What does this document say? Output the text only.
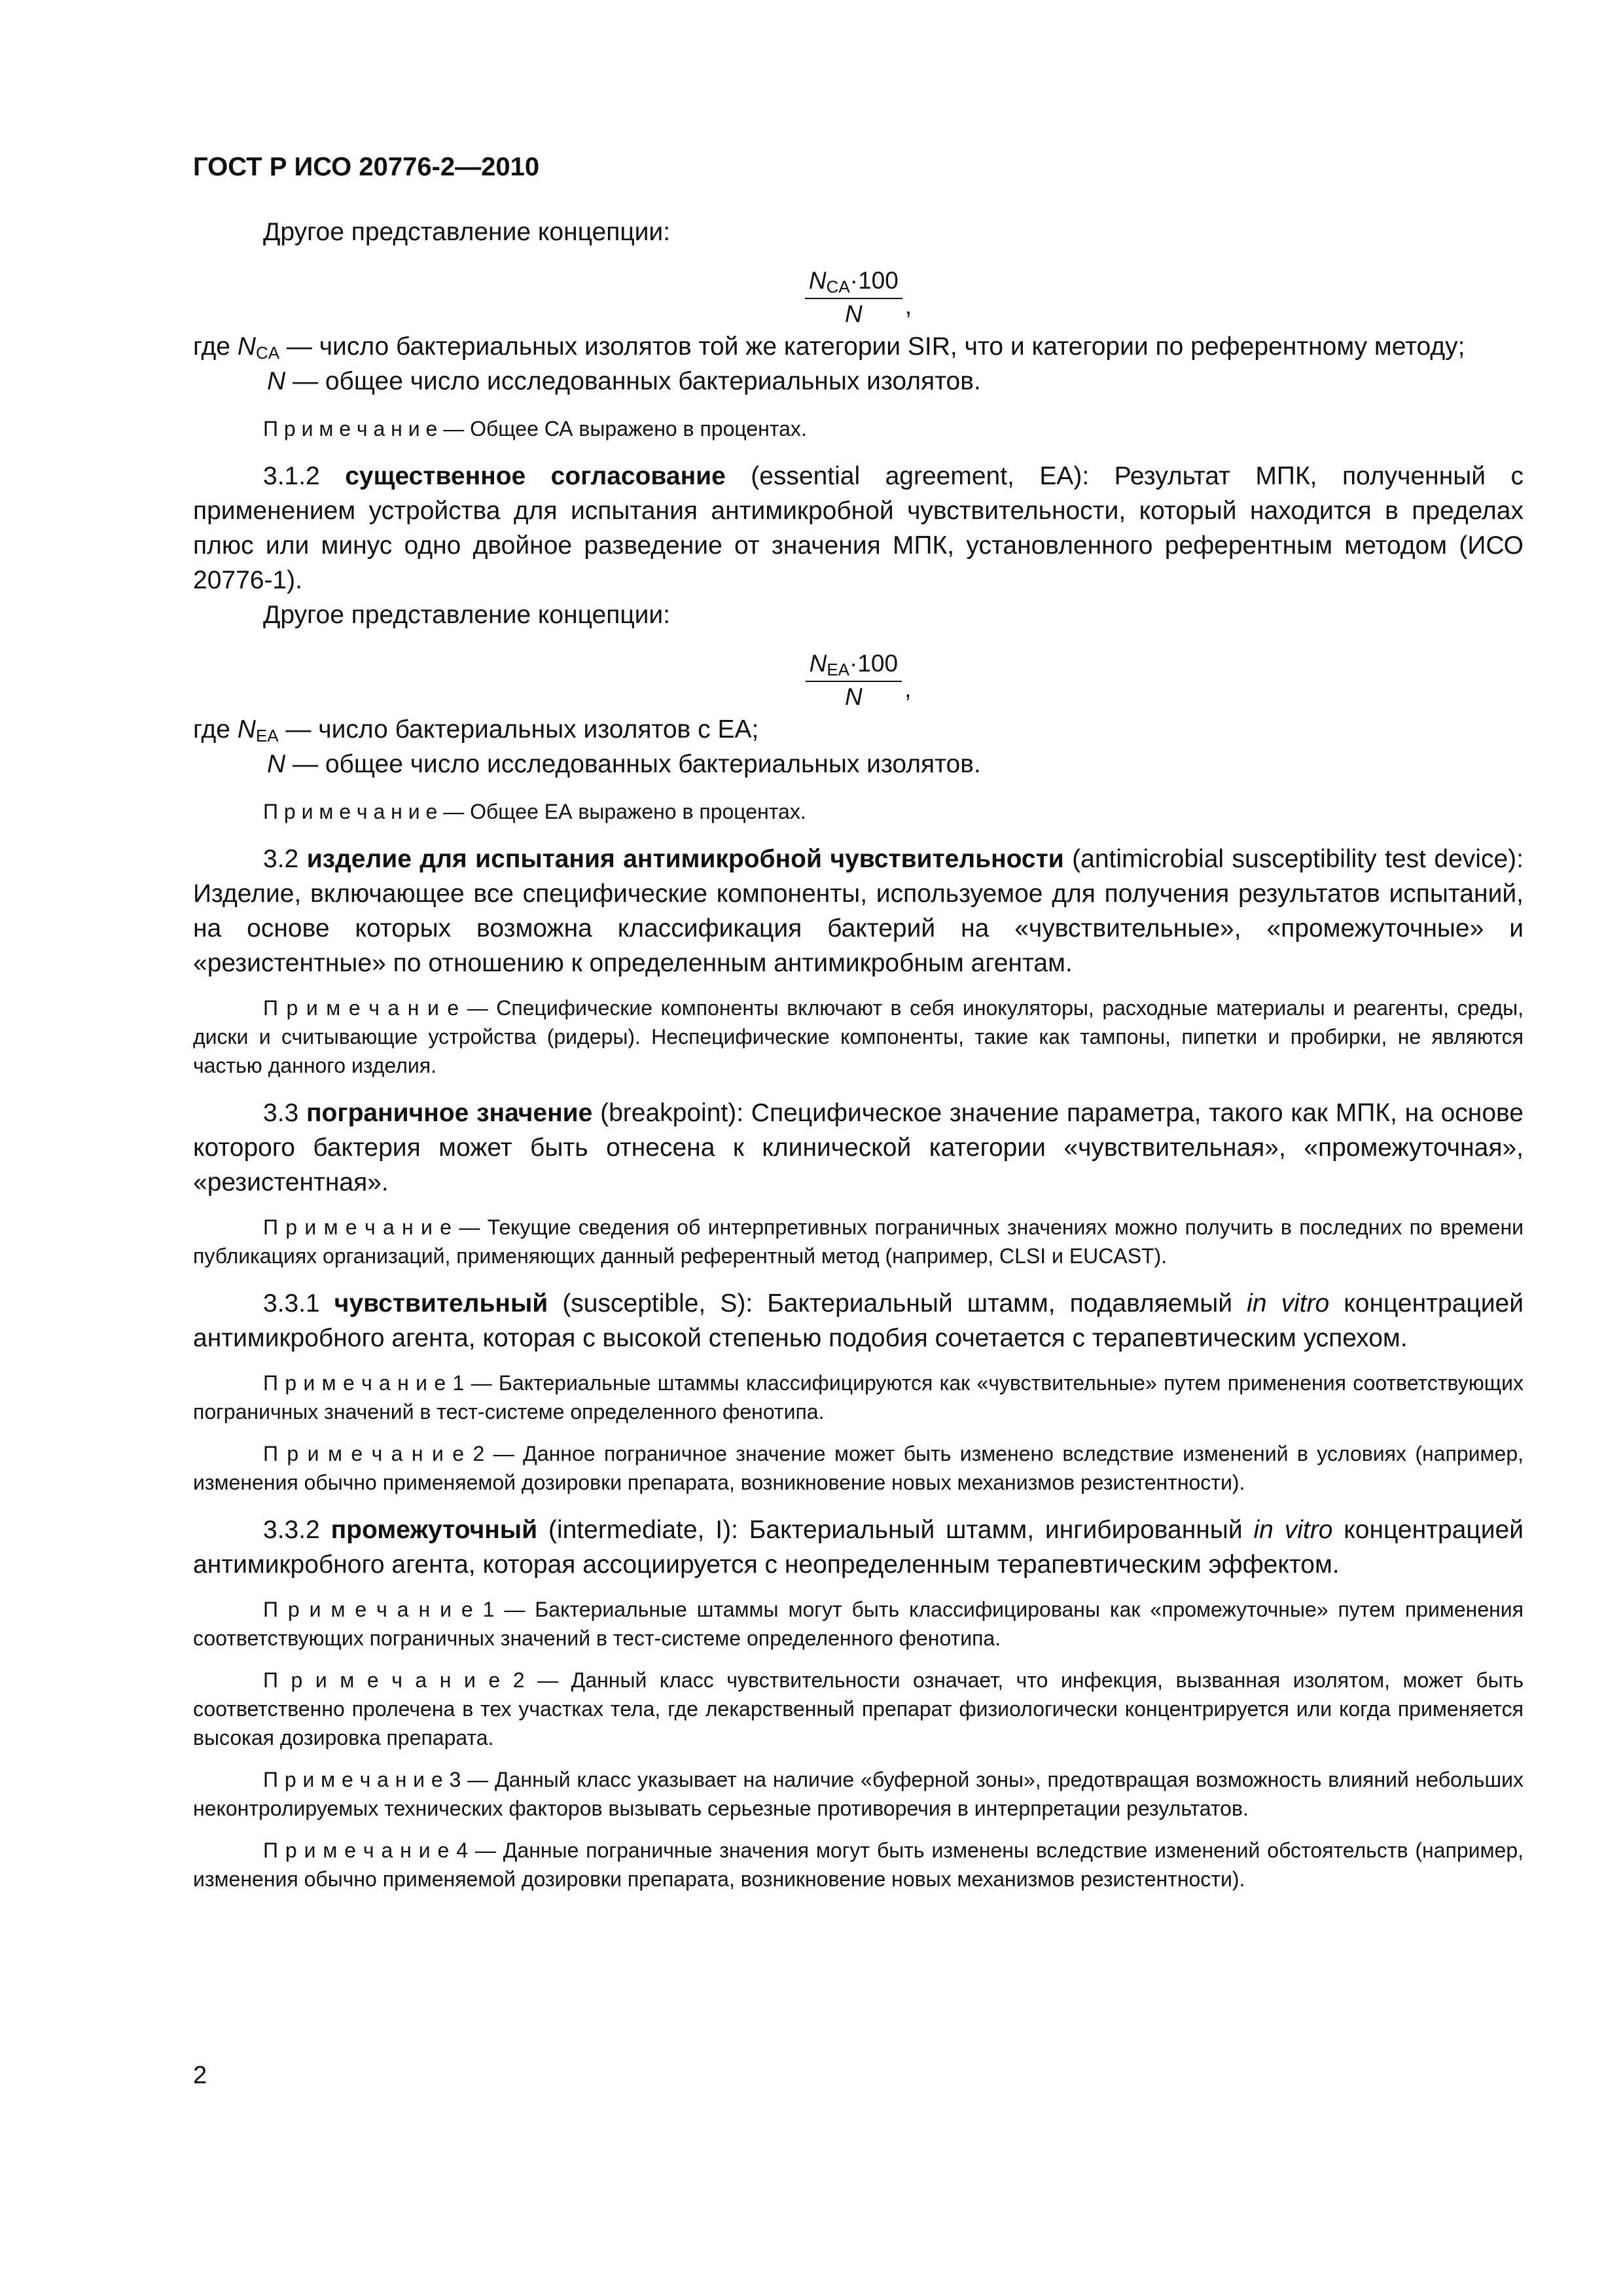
ГОСТ Р ИСО 20776-2—2010

Другое представление концепции:

$\frac{N_{CA}\cdot 100}{N}$ ,

где $N_{CA}$ — число бактериальных изолятов той же категории SIR, что и категории по референтному методу;

N — общее число исследованных бактериальных изолятов.

П р и м е ч а н и е — Общее СА выражено в процентах.

3.1.2 существенное согласование (essential agreement, EA): Результат МПК, полученный с применением устройства для испытания антимикробной чувствительности, который находится в пределах плюс или минус одно двойное разведение от значения МПК, установленного референтным методом (ИСО 20776-1).

Другое представление концепции:

$\frac{N_{EA}\cdot 100}{N}$ ,

где $N_{EA}$ — число бактериальных изолятов с ЕА;

N — общее число исследованных бактериальных изолятов.

П р и м е ч а н и е — Общее ЕА выражено в процентах.

3.2 изделие для испытания антимикробной чувствительности (antimicrobial susceptibility test device): Изделие, включающее все специфические компоненты, используемое для получения результатов испытаний, на основе которых возможна классификация бактерий на «чувствительные», «промежуточные» и «резистентные» по отношению к определенным антимикробным агентам.

П р и м е ч а н и е — Специфические компоненты включают в себя инокуляторы, расходные материалы и реагенты, среды, диски и считывающие устройства (ридеры). Неспецифические компоненты, такие как тампоны, пипетки и пробирки, не являются частью данного изделия.

3.3 пограничное значение (breakpoint): Специфическое значение параметра, такого как МПК, на основе которого бактерия может быть отнесена к клинической категории «чувствительная», «промежуточная», «резистентная».

П р и м е ч а н и е — Текущие сведения об интерпретивных пограничных значениях можно получить в последних по времени публикациях организаций, применяющих данный референтный метод (например, CLSI и EUCAST).

3.3.1 чувствительный (susceptible, S): Бактериальный штамм, подавляемый in vitro концентрацией антимикробного агента, которая с высокой степенью подобия сочетается с терапевтическим успехом.

П р и м е ч а н и е 1 — Бактериальные штаммы классифицируются как «чувствительные» путем применения соответствующих пограничных значений в тест-системе определенного фенотипа.

П р и м е ч а н и е 2 — Данное пограничное значение может быть изменено вследствие изменений в условиях (например, изменения обычно применяемой дозировки препарата, возникновение новых механизмов резистентности).

3.3.2 промежуточный (intermediate, I): Бактериальный штамм, ингибированный in vitro концентрацией антимикробного агента, которая ассоциируется с неопределенным терапевтическим эффектом.

П р и м е ч а н и е 1 — Бактериальные штаммы могут быть классифицированы как «промежуточные» путем применения соответствующих пограничных значений в тест-системе определенного фенотипа.

П р и м е ч а н и е 2 — Данный класс чувствительности означает, что инфекция, вызванная изолятом, может быть соответственно пролечена в тех участках тела, где лекарственный препарат физиологически концентрируется или когда применяется высокая дозировка препарата.

П р и м е ч а н и е 3 — Данный класс указывает на наличие «буферной зоны», предотвращая возможность влияний небольших неконтролируемых технических факторов вызывать серьезные противоречия в интерпретации результатов.

П р и м е ч а н и е 4 — Данные пограничные значения могут быть изменены вследствие изменений обстоятельств (например, изменения обычно применяемой дозировки препарата, возникновение новых механизмов резистентности).

2
